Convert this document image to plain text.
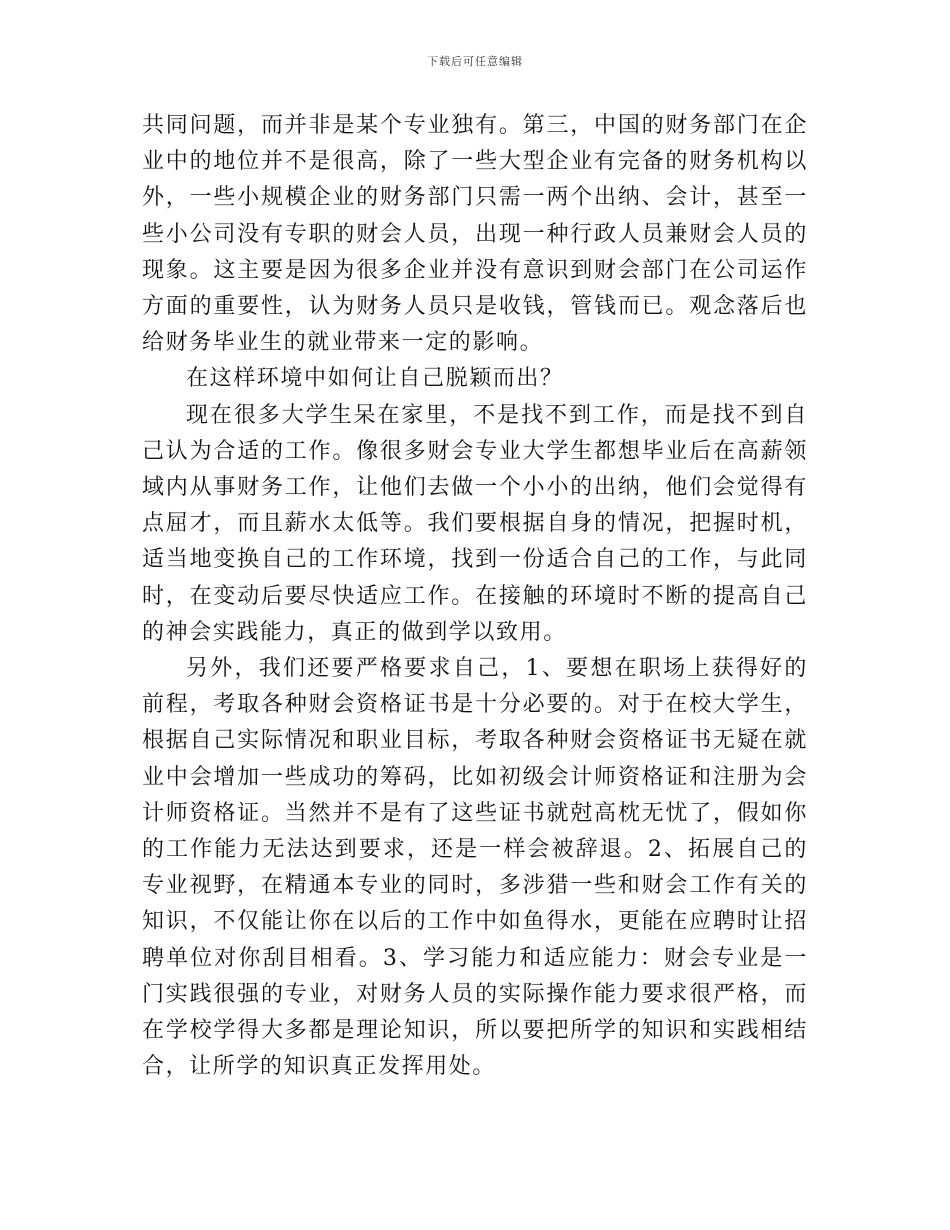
下载后可任意编辑

共同问题，而并非是某个专业独有。第三，中国的财务部门在企业中的地位并不是很高，除了一些大型企业有完备的财务机构以外，一些小规模企业的财务部门只需一两个出纳、会计，甚至一些小公司没有专职的财会人员，出现一种行政人员兼财会人员的现象。这主要是因为很多企业并没有意识到财会部门在公司运作方面的重要性，认为财务人员只是收钱，管钱而已。观念落后也给财务毕业生的就业带来一定的影响。

在这样环境中如何让自己脱颖而出？

现在很多大学生呆在家里，不是找不到工作，而是找不到自己认为合适的工作。像很多财会专业大学生都想毕业后在高薪领域内从事财务工作，让他们去做一个小小的出纳，他们会觉得有点屈才，而且薪水太低等。我们要根据自身的情况，把握时机，适当地变换自己的工作环境，找到一份适合自己的工作，与此同时，在变动后要尽快适应工作。在接触的环境时不断的提高自己的神会实践能力，真正的做到学以致用。

另外，我们还要严格要求自己，1、要想在职场上获得好的前程，考取各种财会资格证书是十分必要的。对于在校大学生，根据自己实际情况和职业目标，考取各种财会资格证书无疑在就业中会增加一些成功的筹码，比如初级会计师资格证和注册为会计师资格证。当然并不是有了这些证书就尅高枕无忧了，假如你的工作能力无法达到要求，还是一样会被辞退。2、拓展自己的专业视野，在精通本专业的同时，多涉猎一些和财会工作有关的知识，不仅能让你在以后的工作中如鱼得水，更能在应聘时让招聘单位对你刮目相看。3、学习能力和适应能力：财会专业是一门实践很强的专业，对财务人员的实际操作能力要求很严格，而在学校学得大多都是理论知识，所以要把所学的知识和实践相结合，让所学的知识真正发挥用处。
